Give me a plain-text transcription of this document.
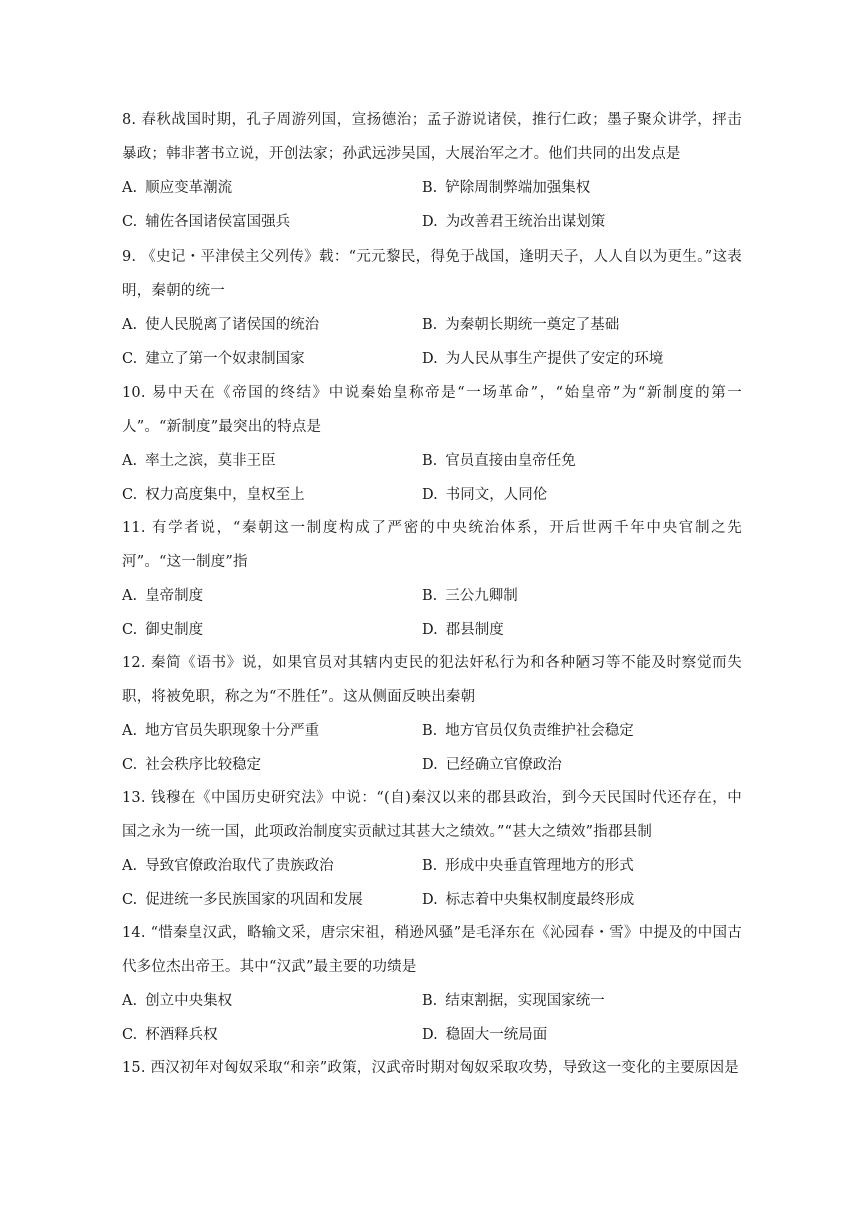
8. 春秋战国时期，孔子周游列国，宣扬德治；孟子游说诸侯，推行仁政；墨子聚众讲学，抨击暴政；韩非著书立说，开创法家；孙武远涉吴国，大展治军之才。他们共同的出发点是
A. 顺应变革潮流	B. 铲除周制弊端加强集权
C. 辅佐各国诸侯富国强兵	D. 为改善君王统治出谋划策
9. 《史记・平津侯主父列传》载：“元元黎民，得免于战国，逢明天子，人人自以为更生。”这表明，秦朝的统一
A. 使人民脱离了诸侯国的统治	B. 为秦朝长期统一奠定了基础
C. 建立了第一个奴隶制国家	D. 为人民从事生产提供了安定的环境
10. 易中天在《帝国的终结》中说秦始皇称帝是“一场革命”，“始皇帝”为“新制度的第一人”。“新制度”最突出的特点是
A. 率土之滨，莫非王臣	B. 官员直接由皇帝任免
C. 权力高度集中，皇权至上	D. 书同文，人同伦
11. 有学者说，“秦朝这一制度构成了严密的中央统治体系，开后世两千年中央官制之先河”。“这一制度”指
A. 皇帝制度	B. 三公九卿制
C. 御史制度	D. 郡县制度
12. 秦简《语书》说，如果官员对其辖内吏民的犯法奸私行为和各种陋习等不能及时察觉而失职，将被免职，称之为“不胜任”。这从侧面反映出秦朝
A. 地方官员失职现象十分严重	B. 地方官员仅负责维护社会稳定
C. 社会秩序比较稳定	D. 已经确立官僚政治
13. 钱穆在《中国历史研究法》中说：“(自)秦汉以来的郡县政治，到今天民国时代还存在，中国之永为一统一国，此项政治制度实贡献过其甚大之绩效。”“甚大之绩效”指郡县制
A. 导致官僚政治取代了贵族政治	B. 形成中央垂直管理地方的形式
C. 促进统一多民族国家的巩固和发展	D. 标志着中央集权制度最终形成
14. “惜秦皇汉武，略输文采，唐宗宋祖，稍逊风骚”是毛泽东在《沁园春・雪》中提及的中国古代多位杰出帝王。其中“汉武”最主要的功绩是
A. 创立中央集权	B. 结束割据，实现国家统一
C. 杯酒释兵权	D. 稳固大一统局面
15. 西汉初年对匈奴采取“和亲”政策，汉武帝时期对匈奴采取攻势，导致这一变化的主要原因是
